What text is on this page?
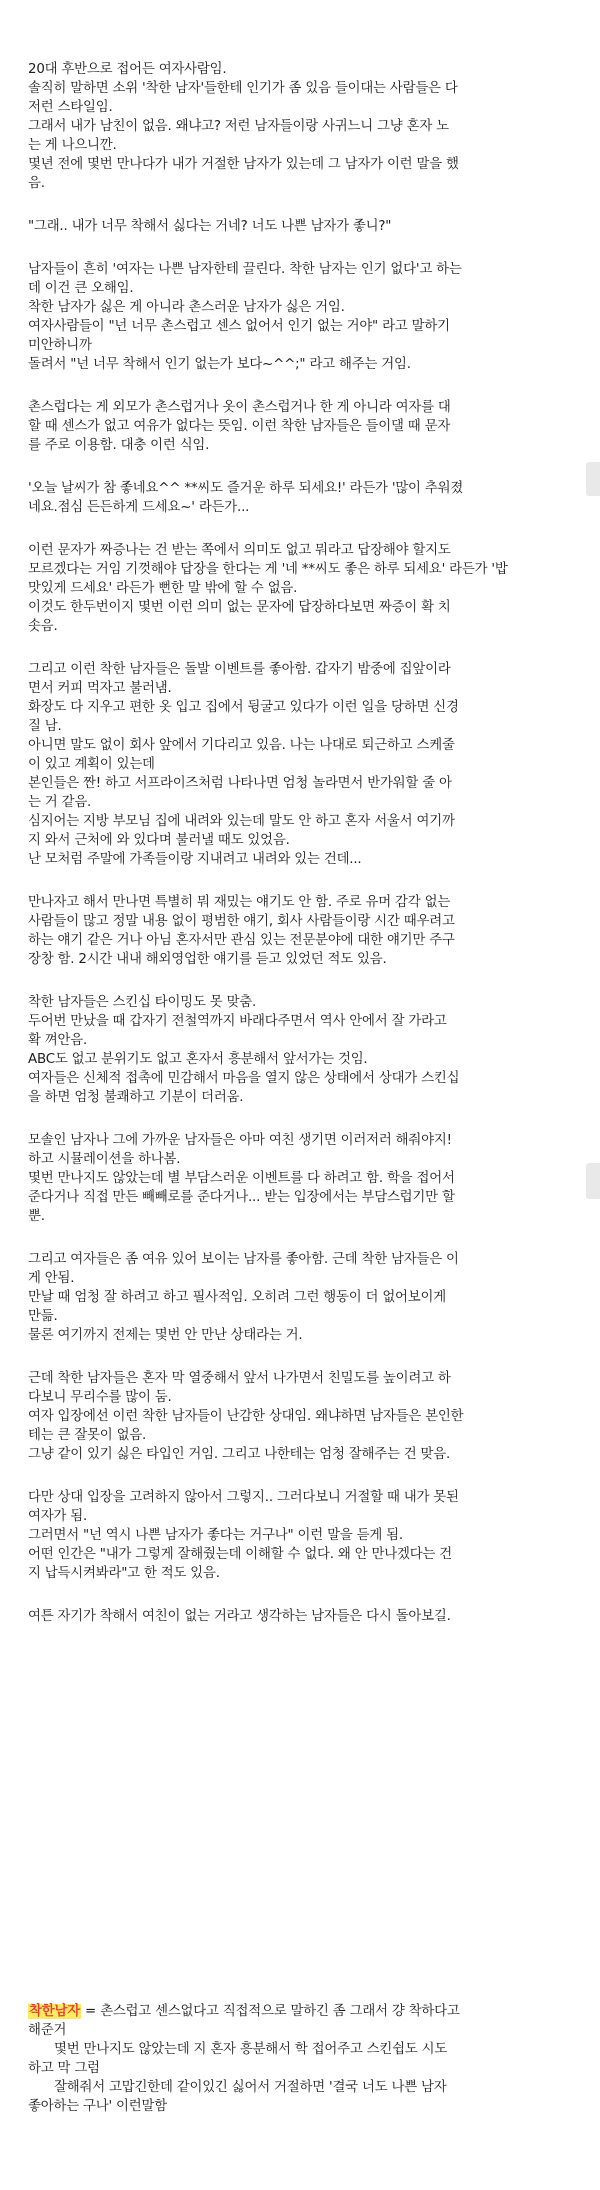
20대 후반으로 접어든 여자사람임.
솔직히 말하면 소위 '착한 남자'들한테 인기가 좀 있음 들이대는 사람들은 다
저런 스타일임.
그래서 내가 남친이 없음. 왜냐고? 저런 남자들이랑 사귀느니 그냥 혼자 노
는 게 나으니깐.
몇년 전에 몇번 만나다가 내가 거절한 남자가 있는데 그 남자가 이런 말을 했
음.
"그래.. 내가 너무 착해서 싫다는 거네? 너도 나쁜 남자가 좋니?"
남자들이 흔히 '여자는 나쁜 남자한테 끌린다. 착한 남자는 인기 없다'고 하는
데 이건 큰 오해임.
착한 남자가 싫은 게 아니라 촌스러운 남자가 싫은 거임.
여자사람들이 "넌 너무 촌스럽고 센스 없어서 인기 없는 거야" 라고 말하기
미안하니까
돌려서 "넌 너무 착해서 인기 없는가 보다~^^;" 라고 해주는 거임.
촌스럽다는 게 외모가 촌스럽거나 옷이 촌스럽거나 한 게 아니라 여자를 대
할 때 센스가 없고 여유가 없다는 뜻임. 이런 착한 남자들은 들이댈 때 문자
를 주로 이용함. 대충 이런 식임.
'오늘 날씨가 참 좋네요^^ **씨도 즐거운 하루 되세요!' 라든가 '많이 추워졌
네요.점심 든든하게 드세요~' 라든가...
이런 문자가 짜증나는 건 받는 쪽에서 의미도 없고 뭐라고 답장해야 할지도
모르겠다는 거임 기껏해야 답장을 한다는 게 '네 **씨도 좋은 하루 되세요' 라든가 '밥
맛있게 드세요' 라든가 뻔한 말 밖에 할 수 없음.
이것도 한두번이지 몇번 이런 의미 없는 문자에 답장하다보면 짜증이 확 치
솟음.
그리고 이런 착한 남자들은 돌발 이벤트를 좋아함. 갑자기 밤중에 집앞이라
면서 커피 먹자고 불러냄.
화장도 다 지우고 편한 옷 입고 집에서 뒹굴고 있다가 이런 일을 당하면 신경
질 남.
아니면 말도 없이 회사 앞에서 기다리고 있음. 나는 나대로 퇴근하고 스케줄
이 있고 계획이 있는데
본인들은 짠! 하고 서프라이즈처럼 나타나면 엄청 놀라면서 반가워할 줄 아
는 거 같음.
심지어는 지방 부모님 집에 내려와 있는데 말도 안 하고 혼자 서울서 여기까
지 와서 근처에 와 있다며 불러낼 때도 있었음.
난 모처럼 주말에 가족들이랑 지내려고 내려와 있는 건데...
만나자고 해서 만나면 특별히 뭐 재밌는 얘기도 안 함. 주로 유머 감각 없는
사람들이 많고 정말 내용 없이 평범한 얘기, 회사 사람들이랑 시간 때우려고
하는 얘기 같은 거나 아님 혼자서만 관심 있는 전문분야에 대한 얘기만 주구
장창 함. 2시간 내내 해외영업한 얘기를 듣고 있었던 적도 있음.
착한 남자들은 스킨십 타이밍도 못 맞춤.
두어번 만났을 때 갑자기 전철역까지 바래다주면서 역사 안에서 잘 가라고
확 껴안음.
ABC도 없고 분위기도 없고 혼자서 흥분해서 앞서가는 것임.
여자들은 신체적 접촉에 민감해서 마음을 열지 않은 상태에서 상대가 스킨십
을 하면 엄청 불쾌하고 기분이 더러움.
모솔인 남자나 그에 가까운 남자들은 아마 여친 생기면 이러저러 해줘야지!
하고 시뮬레이션을 하나봄.
몇번 만나지도 않았는데 별 부담스러운 이벤트를 다 하려고 함. 학을 접어서
준다거나 직접 만든 빼빼로를 준다거나... 받는 입장에서는 부담스럽기만 할
뿐.
그리고 여자들은 좀 여유 있어 보이는 남자를 좋아함. 근데 착한 남자들은 이
게 안됨.
만날 때 엄청 잘 하려고 하고 필사적임. 오히려 그런 행동이 더 없어보이게
만듦.
물론 여기까지 전제는 몇번 안 만난 상태라는 거.
근데 착한 남자들은 혼자 막 열중해서 앞서 나가면서 친밀도를 높이려고 하
다보니 무리수를 많이 둠.
여자 입장에선 이런 착한 남자들이 난감한 상대임. 왜냐하면 남자들은 본인한
테는 큰 잘못이 없음.
그냥 같이 있기 싫은 타입인 거임. 그리고 나한테는 엄청 잘해주는 건 맞음.
다만 상대 입장을 고려하지 않아서 그렇지.. 그러다보니 거절할 때 내가 못된
여자가 됨.
그러면서 "넌 역시 나쁜 남자가 좋다는 거구나" 이런 말을 듣게 됨.
어떤 인간은 "내가 그렇게 잘해줬는데 이해할 수 없다. 왜 안 만나겠다는 건
지 납득시켜봐라"고 한 적도 있음.
여튼 자기가 착해서 여친이 없는 거라고 생각하는 남자들은 다시 돌아보길.
착한남자 = 촌스럽고 센스없다고 직접적으로 말하긴 좀 그래서 걍 착하다고
해준거
몇번 만나지도 않았는데 지 혼자 흥분해서 학 접어주고 스킨쉽도 시도
하고 막 그럼
잘해줘서 고맙긴한데 같이있긴 싫어서 거절하면 '결국 너도 나쁜 남자
좋아하는 구나' 이런말함
